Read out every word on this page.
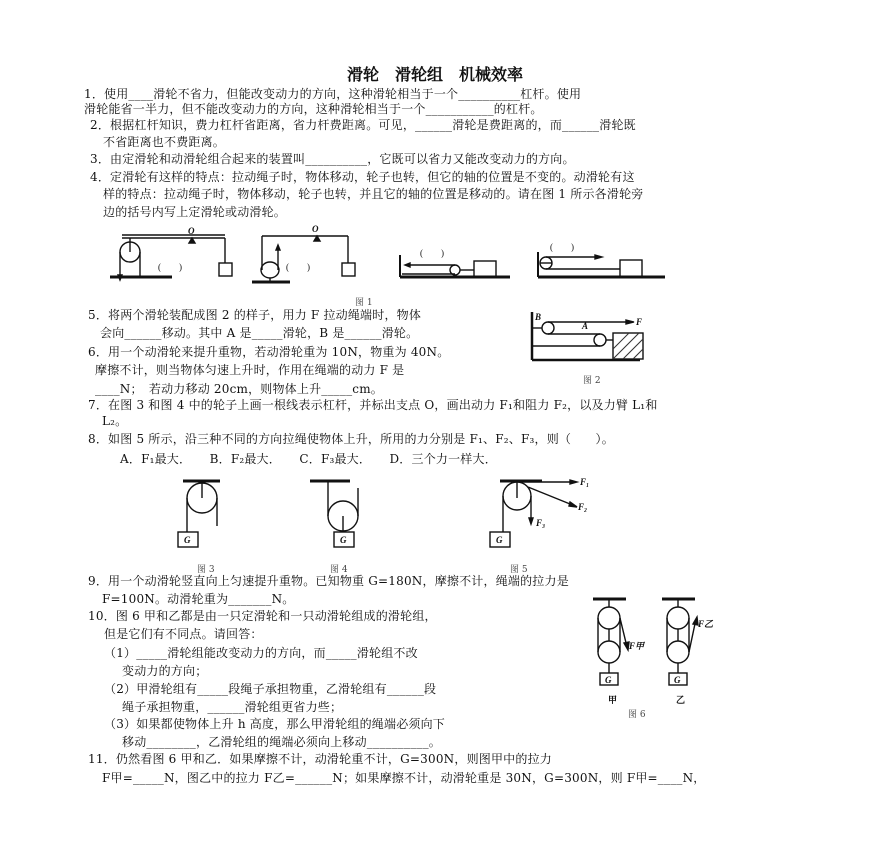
滑轮　滑轮组　机械效率
1．使用____滑轮不省力，但能改变动力的方向，这种滑轮相当于一个__________杠杆。使用
滑轮能省一半力，但不能改变动力的方向，这种滑轮相当于一个___________的杠杆。
2．根据杠杆知识，费力杠杆省距离，省力杆费距离。可见，______滑轮是费距离的，而______滑轮既
不省距离也不费距离。
3．由定滑轮和动滑轮组合起来的装置叫__________，它既可以省力又能改变动力的方向。
4．定滑轮有这样的特点：拉动绳子时，物体移动，轮子也转，但它的轴的位置是不变的。动滑轮有这
样的特点：拉动绳子时，物体移动，轮子也转，并且它的轴的位置是移动的。请在图 1 所示各滑轮旁
边的括号内写上定滑轮或动滑轮。
O
(　　)
O
(　　)
(　　)
(　　)
图 1
5．将两个滑轮装配成图 2 的样子，用力 F 拉动绳端时，物体
会向______移动。其中 A 是_____滑轮，B 是______滑轮。
6．用一个动滑轮来提升重物，若动滑轮重为 10N，物重为 40N。
摩擦不计，则当物体匀速上升时，作用在绳端的动力 F 是
____N；　若动力移动 20cm，则物体上升_____cm。
B
A	F
图 2
7．在图 3 和图 4 中的轮子上画一根线表示杠杆，并标出支点 O，画出动力 F₁和阻力 F₂，以及力臂 L₁和
L₂。
8．如图 5 所示，沿三种不同的方向拉绳使物体上升，所用的力分别是 F₁、F₂、F₃，则（　　）。
A．F₁最大．　　B．F₂最大．　　C．F₃最大．　　D．三个力一样大．
G	G
F₁
F₂
F₃
G
图 3	图 4	图 5
9．用一个动滑轮竖直向上匀速提升重物。已知物重 G=180N，摩擦不计，绳端的拉力是
F=100N。动滑轮重为_______N。
10．图 6 甲和乙都是由一只定滑轮和一只动滑轮组成的滑轮组，
但是它们有不同点。请回答：
（1）_____滑轮组能改变动力的方向，而_____滑轮组不改
变动力的方向；
（2）甲滑轮组有_____段绳子承担物重，乙滑轮组有______段
绳子承担物重，______滑轮组更省力些；
（3）如果都使物体上升 h 高度，那么甲滑轮组的绳端必须向下
移动________，乙滑轮组的绳端必须向上移动__________。
11．仍然看图 6 甲和乙．如果摩擦不计，动滑轮重不计，G=300N，则图甲中的拉力
F甲=_____N，图乙中的拉力 F乙=______N；如果摩擦不计，动滑轮重是 30N，G=300N，则 F甲=____N，
G
F甲
G
F乙
甲	乙
图 6
